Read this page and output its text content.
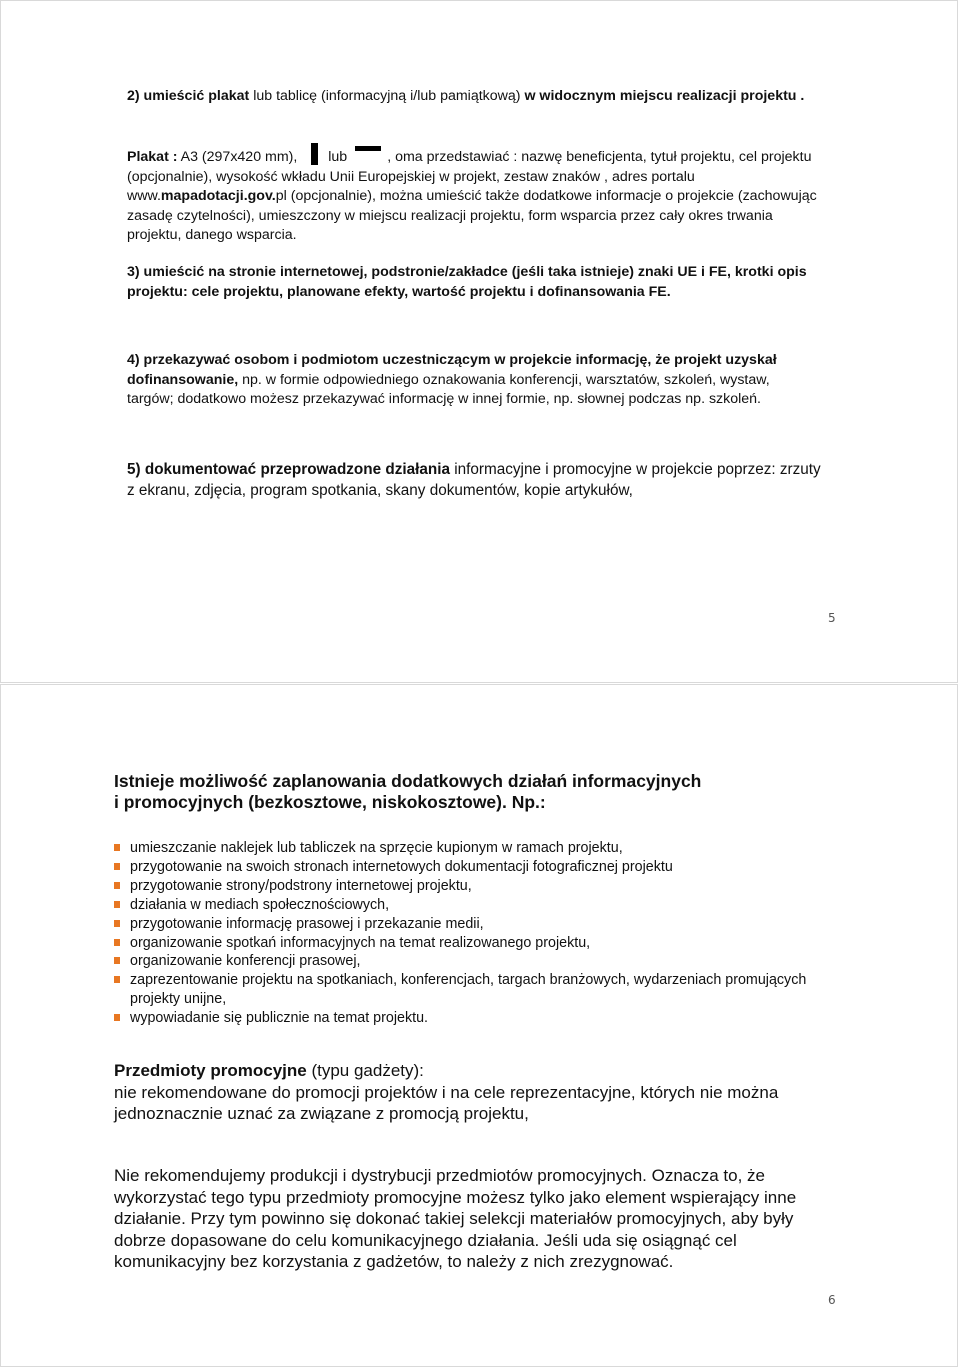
2) umieścić plakat lub tablicę (informacyjną i/lub pamiątkową) w widocznym miejscu realizacji projektu .

Plakat : A3 (297x420 mm), lub	, oma przedstawiać : nazwę beneficjenta, tytuł projektu, cel projektu (opcjonalnie), wysokość wkładu Unii Europejskiej w projekt, zestaw znaków , adres portalu www.mapadotacji.gov.pl (opcjonalnie), można umieścić także dodatkowe informacje o projekcie (zachowując zasadę czytelności), umieszczony w miejscu realizacji projektu, form wsparcia przez cały okres trwania projektu, danego wsparcia.

3) umieścić na stronie internetowej, podstronie/zakładce (jeśli taka istnieje) znaki UE i FE, krotki opis projektu: cele projektu, planowane efekty, wartość projektu i dofinansowania FE.

4) przekazywać osobom i podmiotom uczestniczącym w projekcie informację, że projekt uzyskał dofinansowanie, np. w formie odpowiedniego oznakowania konferencji, warsztatów, szkoleń, wystaw, targów; dodatkowo możesz przekazywać informację w innej formie, np. słownej podczas np. szkoleń.

5) dokumentować przeprowadzone działania informacyjne i promocyjne w projekcie poprzez: zrzuty z ekranu, zdjęcia, program spotkania, skany dokumentów, kopie artykułów,

5
Istnieje możliwość zaplanowania dodatkowych działań informacyjnych
i promocyjnych (bezkosztowe, niskokosztowe). Np.:
umieszczanie naklejek lub tabliczek na sprzęcie kupionym w ramach projektu,
przygotowanie na swoich stronach internetowych dokumentacji fotograficznej projektu
przygotowanie strony/podstrony internetowej projektu,
działania w mediach społecznościowych,
przygotowanie informację prasowej i przekazanie medii,
organizowanie spotkań informacyjnych na temat realizowanego projektu,
organizowanie konferencji prasowej,
zaprezentowanie projektu na spotkaniach, konferencjach, targach branżowych, wydarzeniach promujących projekty unijne,
wypowiadanie się publicznie na temat projektu.

Przedmioty promocyjne (typu gadżety):

nie rekomendowane do promocji projektów i na cele reprezentacyjne, których nie można jednoznacznie uznać za związane z promocją projektu,

Nie rekomendujemy produkcji i dystrybucji przedmiotów promocyjnych. Oznacza to, że wykorzystać tego typu przedmioty promocyjne możesz tylko jako element wspierający inne działanie. Przy tym powinno się dokonać takiej selekcji materiałów promocyjnych, aby były dobrze dopasowane do celu komunikacyjnego działania. Jeśli uda się osiągnąć cel komunikacyjny bez korzystania z gadżetów, to należy z nich zrezygnować.

6
